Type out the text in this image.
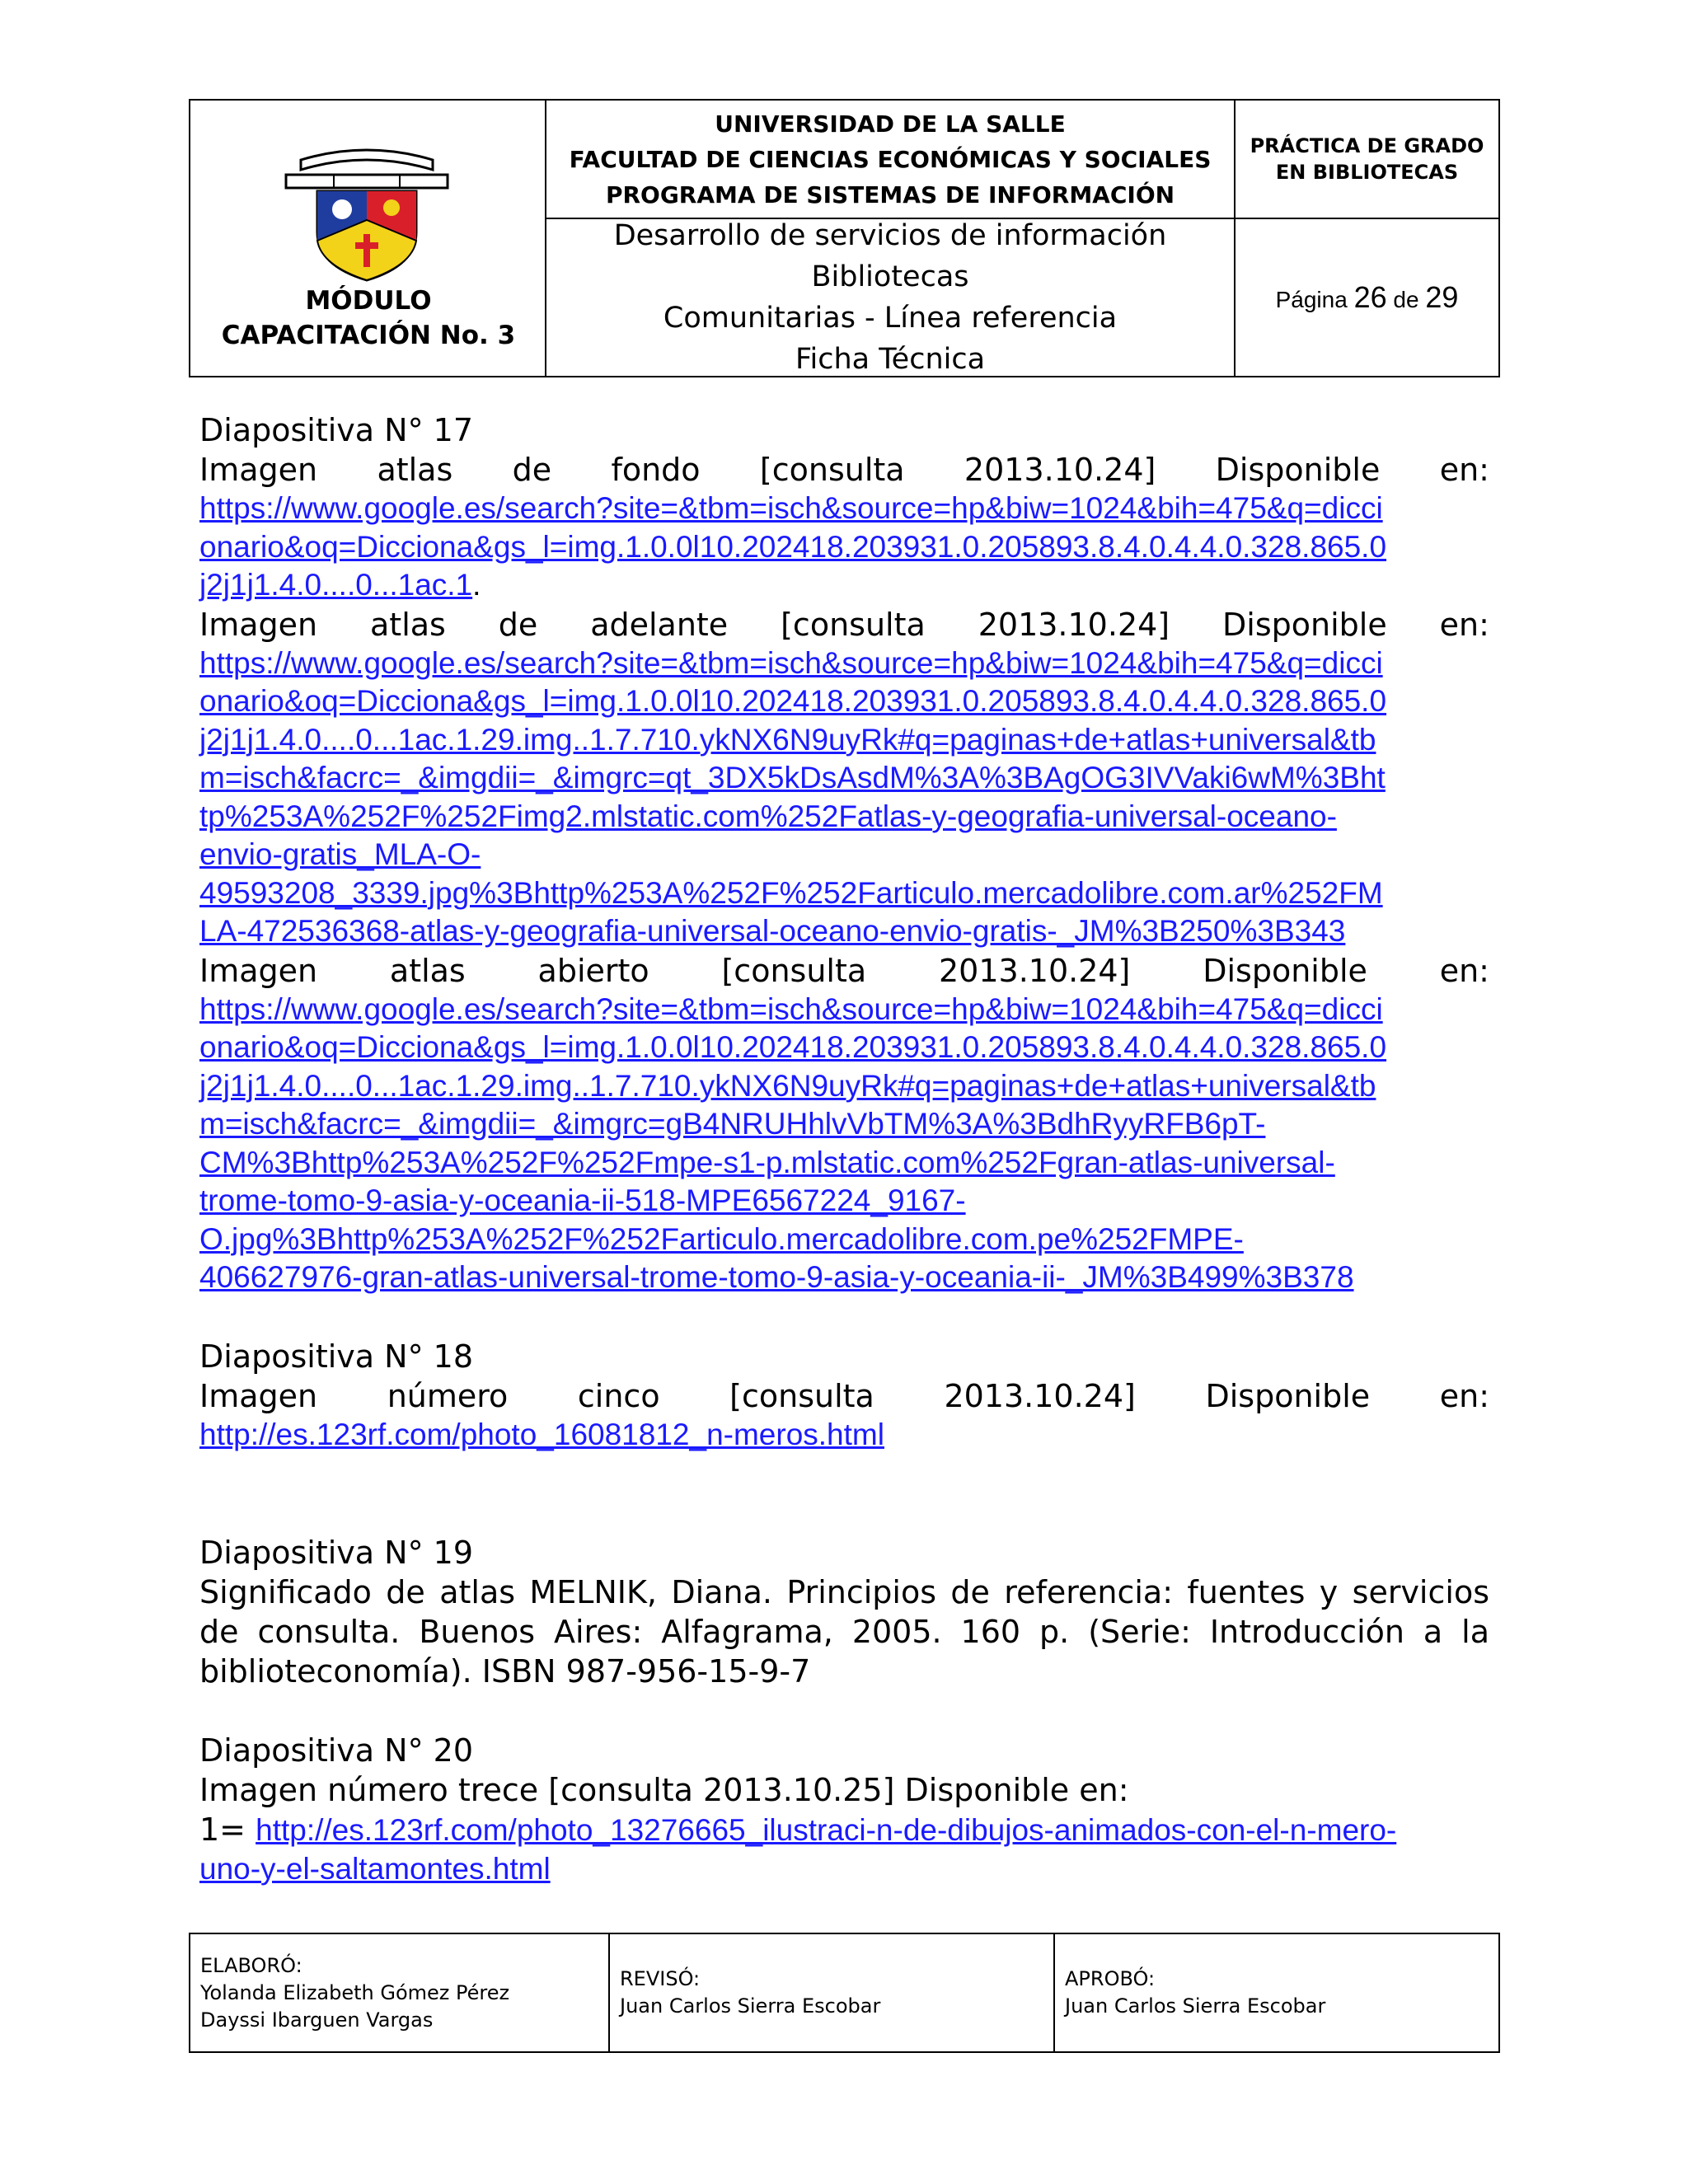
MÓDULO
CAPACITACIÓN No. 3
UNIVERSIDAD DE LA SALLE
FACULTAD DE CIENCIAS ECONÓMICAS Y SOCIALES
PROGRAMA DE SISTEMAS DE INFORMACIÓN
Desarrollo de servicios de información Bibliotecas
Comunitarias - Línea referencia
Ficha Técnica
PRÁCTICA DE GRADO
EN BIBLIOTECAS
Página 26 de 29

Diapositiva N° 17

Imagen atlas de fondo [consulta 2013.10.24] Disponible en:

https://www.google.es/search?site=&tbm=isch&source=hp&biw=1024&bih=475&q=dicci
onario&oq=Dicciona&gs_l=img.1.0.0l10.202418.203931.0.205893.8.4.0.4.4.0.328.865.0
j2j1j1.4.0....0...1ac.1.

Imagen atlas de adelante [consulta 2013.10.24] Disponible en:

https://www.google.es/search?site=&tbm=isch&source=hp&biw=1024&bih=475&q=dicci
onario&oq=Dicciona&gs_l=img.1.0.0l10.202418.203931.0.205893.8.4.0.4.4.0.328.865.0
j2j1j1.4.0....0...1ac.1.29.img..1.7.710.ykNX6N9uyRk#q=paginas+de+atlas+universal&tb
m=isch&facrc=_&imgdii=_&imgrc=qt_3DX5kDsAsdM%3A%3BAgOG3IVVaki6wM%3Bht
tp%253A%252F%252Fimg2.mlstatic.com%252Fatlas-y-geografia-universal-oceano-
envio-gratis_MLA-O-
49593208_3339.jpg%3Bhttp%253A%252F%252Farticulo.mercadolibre.com.ar%252FM
LA-472536368-atlas-y-geografia-universal-oceano-envio-gratis-_JM%3B250%3B343

Imagen atlas abierto [consulta 2013.10.24] Disponible en:

https://www.google.es/search?site=&tbm=isch&source=hp&biw=1024&bih=475&q=dicci
onario&oq=Dicciona&gs_l=img.1.0.0l10.202418.203931.0.205893.8.4.0.4.4.0.328.865.0
j2j1j1.4.0....0...1ac.1.29.img..1.7.710.ykNX6N9uyRk#q=paginas+de+atlas+universal&tb
m=isch&facrc=_&imgdii=_&imgrc=gB4NRUHhlvVbTM%3A%3BdhRyyRFB6pT-
CM%3Bhttp%253A%252F%252Fmpe-s1-p.mlstatic.com%252Fgran-atlas-universal-
trome-tomo-9-asia-y-oceania-ii-518-MPE6567224_9167-
O.jpg%3Bhttp%253A%252F%252Farticulo.mercadolibre.com.pe%252FMPE-
406627976-gran-atlas-universal-trome-tomo-9-asia-y-oceania-ii-_JM%3B499%3B378

Diapositiva N° 18

Imagen número cinco [consulta 2013.10.24] Disponible en:

http://es.123rf.com/photo_16081812_n-meros.html

Diapositiva N° 19

Significado de atlas MELNIK, Diana. Principios de referencia: fuentes y servicios de consulta. Buenos Aires: Alfagrama, 2005. 160 p. (Serie: Introducción a la biblioteconomía). ISBN 987-956-15-9-7

Diapositiva N° 20

Imagen número trece [consulta 2013.10.25] Disponible en:

1= http://es.123rf.com/photo_13276665_ilustraci-n-de-dibujos-animados-con-el-n-mero-

uno-y-el-saltamontes.html

ELABORÓ:
Yolanda Elizabeth Gómez Pérez
Dayssi Ibarguen Vargas
REVISÓ:
Juan Carlos Sierra Escobar
APROBÓ:
Juan Carlos Sierra Escobar
